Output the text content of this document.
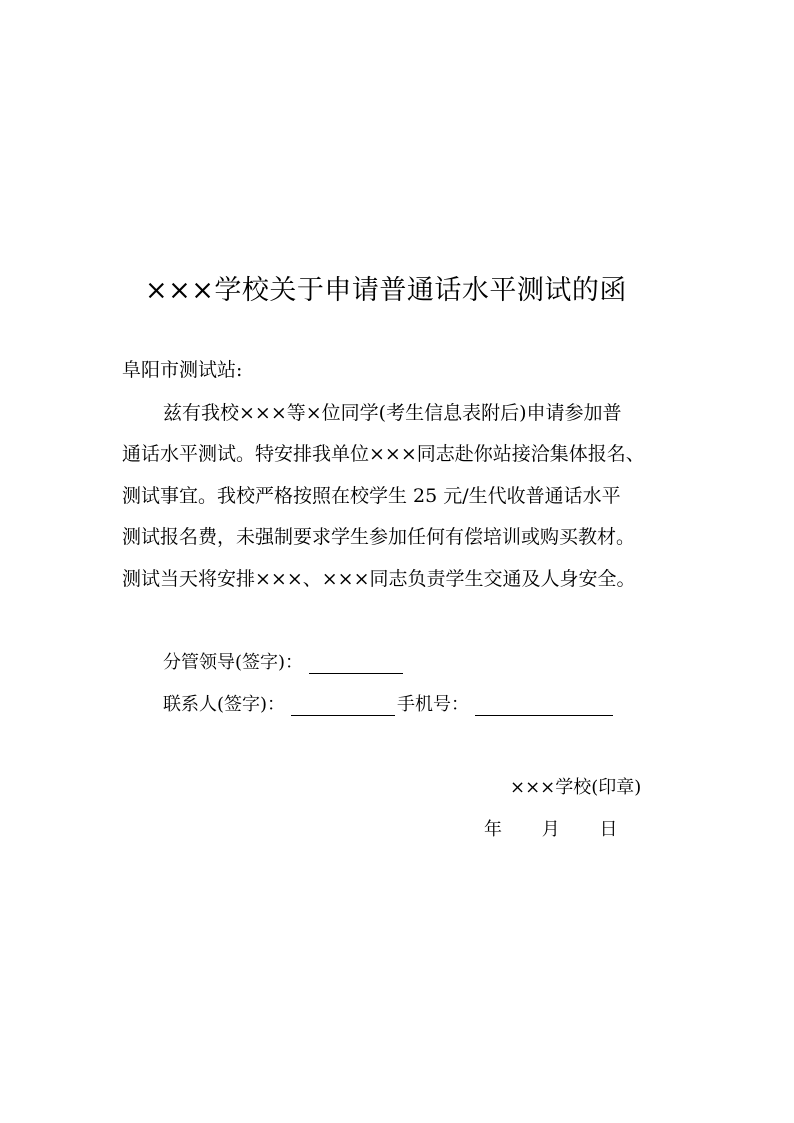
×××学校关于申请普通话水平测试的函
阜阳市测试站:
兹有我校×××等×位同学(考生信息表附后)申请参加普
通话水平测试。特安排我单位×××同志赴你站接洽集体报名、
测试事宜。我校严格按照在校学生 25 元/生代收普通话水平
测试报名费，未强制要求学生参加任何有偿培训或购买教材。
测试当天将安排×××、×××同志负责学生交通及人身安全。
分管领导(签字)：
联系人(签字)：	手机号：
×××学校(印章)
年 月 日
